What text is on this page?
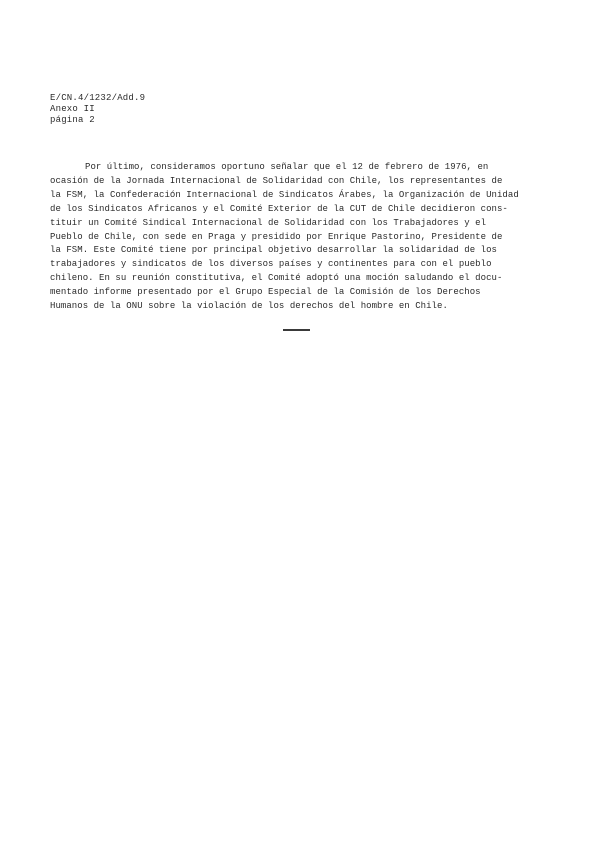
E/CN.4/1232/Add.9
Anexo II
página 2
Por último, consideramos oportuno señalar que el 12 de febrero de 1976, en
ocasión de la Jornada Internacional de Solidaridad con Chile, los representantes de
la FSM, la Confederación Internacional de Sindicatos Árabes, la Organización de Unidad
de los Sindicatos Africanos y el Comité Exterior de la CUT de Chile decidieron cons-
tituir un Comité Sindical Internacional de Solidaridad con los Trabajadores y el
Pueblo de Chile, con sede en Praga y presidido por Enrique Pastorino, Presidente de
la FSM. Este Comité tiene por principal objetivo desarrollar la solidaridad de los
trabajadores y sindicatos de los diversos países y continentes para con el pueblo
chileno. En su reunión constitutiva, el Comité adoptó una moción saludando el docu-
mentado informe presentado por el Grupo Especial de la Comisión de los Derechos
Humanos de la ONU sobre la violación de los derechos del hombre en Chile.
